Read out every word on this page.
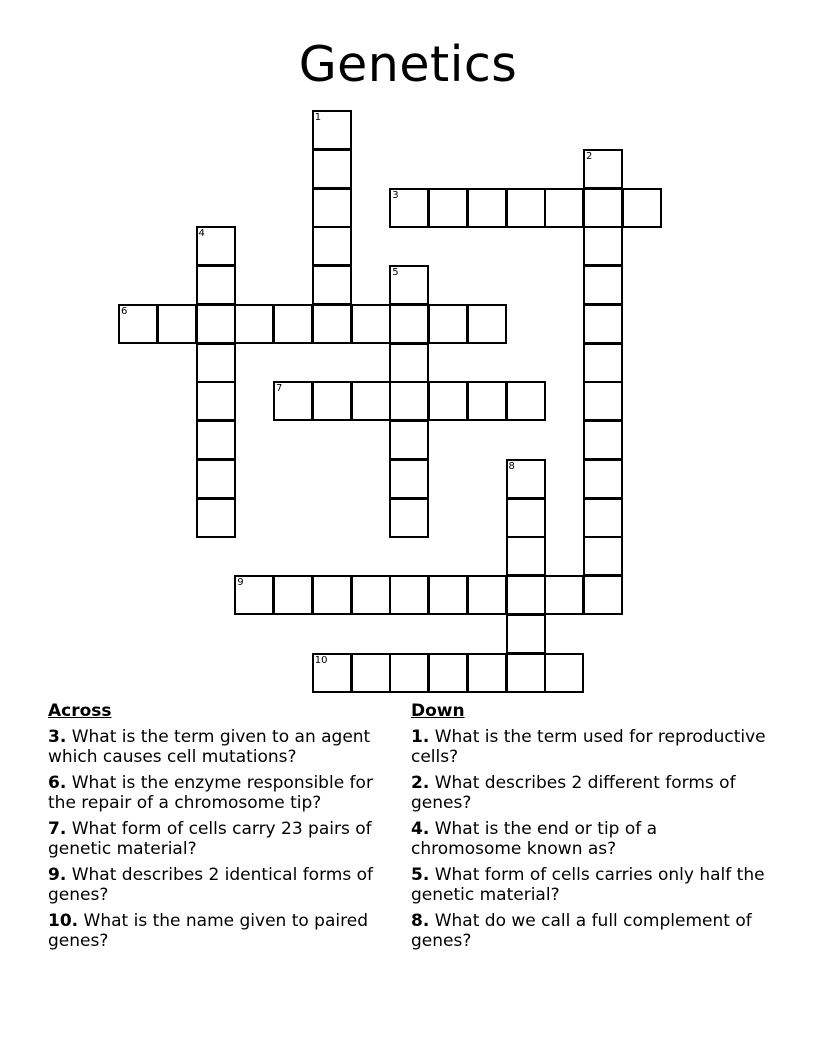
Genetics
1
2
3
4
5
6
7
8
9
10
Across
3. What is the term given to an agent which causes cell mutations?
6. What is the enzyme responsible for the repair of a chromosome tip?
7. What form of cells carry 23 pairs of genetic material?
9. What describes 2 identical forms of genes?
10. What is the name given to paired genes?
Down
1. What is the term used for reproductive cells?
2. What describes 2 different forms of genes?
4. What is the end or tip of a chromosome known as?
5. What form of cells carries only half the genetic material?
8. What do we call a full complement of genes?
